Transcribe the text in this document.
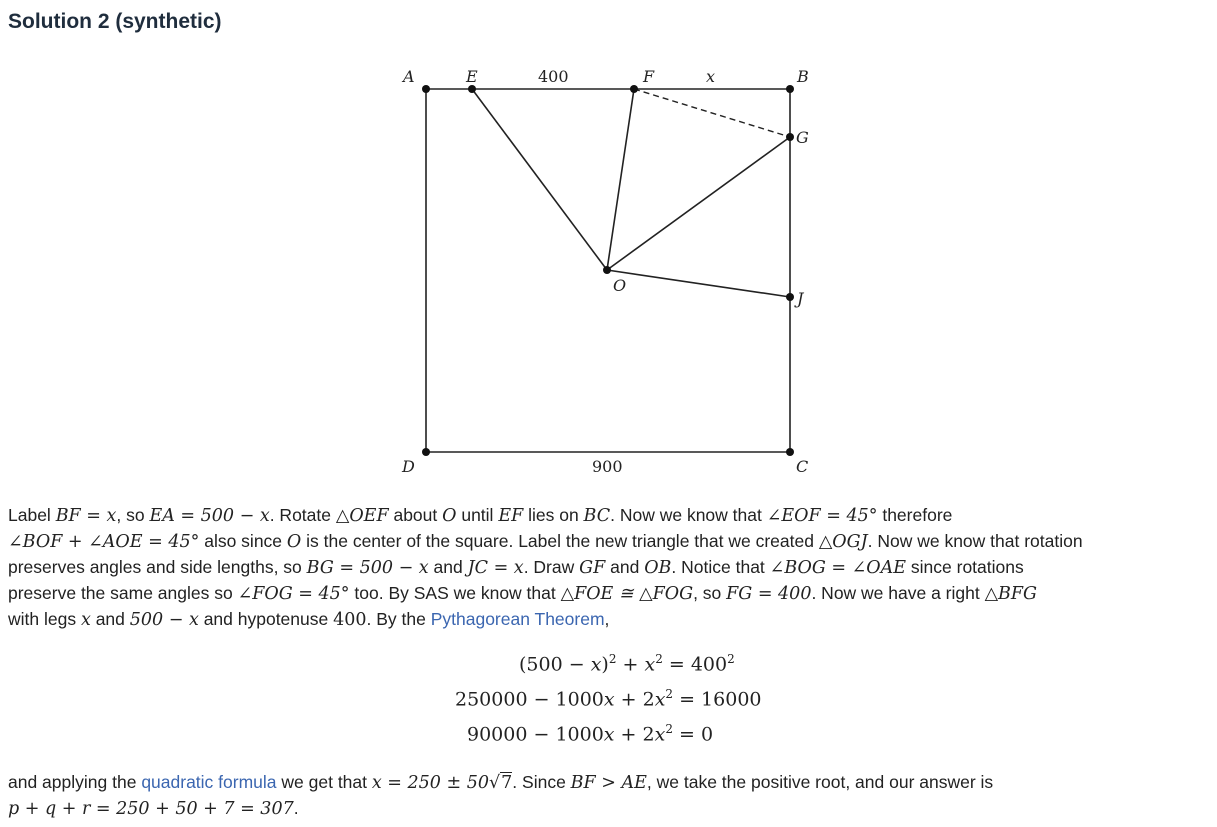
Solution 2 (synthetic)
A	E	400	F	x	B
G
O
J
D	900	C
Label BF = x, so EA = 500 − x. Rotate △OEF about O until EF lies on BC. Now we know that ∠EOF = 45° therefore
∠BOF + ∠AOE = 45° also since O is the center of the square. Label the new triangle that we created △OGJ. Now we know that rotation
preserves angles and side lengths, so BG = 500 − x and JC = x. Draw GF and OB. Notice that ∠BOG = ∠OAE since rotations
preserve the same angles so ∠FOG = 45° too. By SAS we know that △FOE ≅ △FOG, so FG = 400. Now we have a right △BFG
with legs x and 500 − x and hypotenuse 400. By the Pythagorean Theorem,
$(500 - x)^2 + x^2 = 400^2$
$250000 - 1000x + 2x^2 = 16000$
$90000 - 1000x + 2x^2 = 0$
and applying the quadratic formula we get that x = 250 ± 50√7. Since BF > AE, we take the positive root, and our answer is
p + q + r = 250 + 50 + 7 = 307.
